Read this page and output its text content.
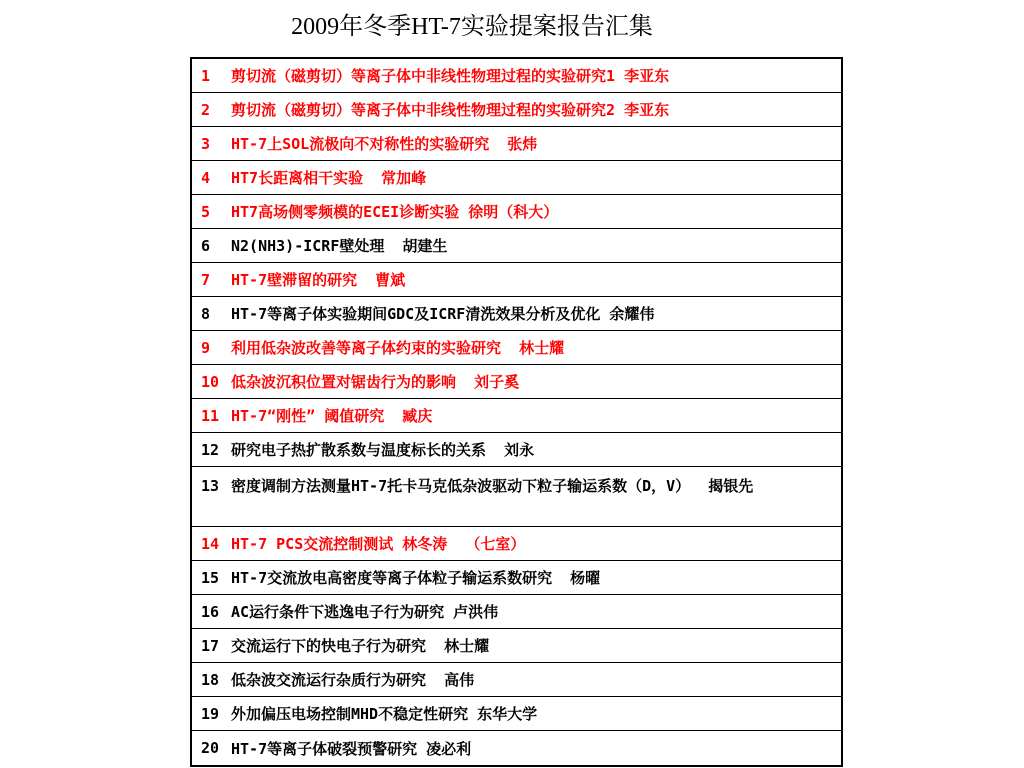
2009年冬季HT-7实验提案报告汇集
1	剪切流（磁剪切）等离子体中非线性物理过程的实验研究1 李亚东
2	剪切流（磁剪切）等离子体中非线性物理过程的实验研究2 李亚东
3	HT-7上SOL流极向不对称性的实验研究  张炜
4	HT7长距离相干实验  常加峰
5	HT7高场侧零频模的ECEI诊断实验 徐明（科大）
6	N2(NH3)-ICRF壁处理  胡建生
7	HT-7壁滞留的研究  曹斌
8	HT-7等离子体实验期间GDC及ICRF清洗效果分析及优化 余耀伟
9	利用低杂波改善等离子体约束的实验研究  林士耀
10 低杂波沉积位置对锯齿行为的影响  刘子奚
11 HT-7“刚性” 阈值研究  臧庆
12 研究电子热扩散系数与温度标长的关系  刘永
13 密度调制方法测量HT-7托卡马克低杂波驱动下粒子输运系数（D，V）  揭银先
14 HT-7 PCS交流控制测试 林冬涛  （七室）
15 HT-7交流放电高密度等离子体粒子输运系数研究  杨曜
16 AC运行条件下逃逸电子行为研究 卢洪伟
17 交流运行下的快电子行为研究  林士耀
18 低杂波交流运行杂质行为研究  高伟
19 外加偏压电场控制MHD不稳定性研究 东华大学
20 HT-7等离子体破裂预警研究 凌必利
